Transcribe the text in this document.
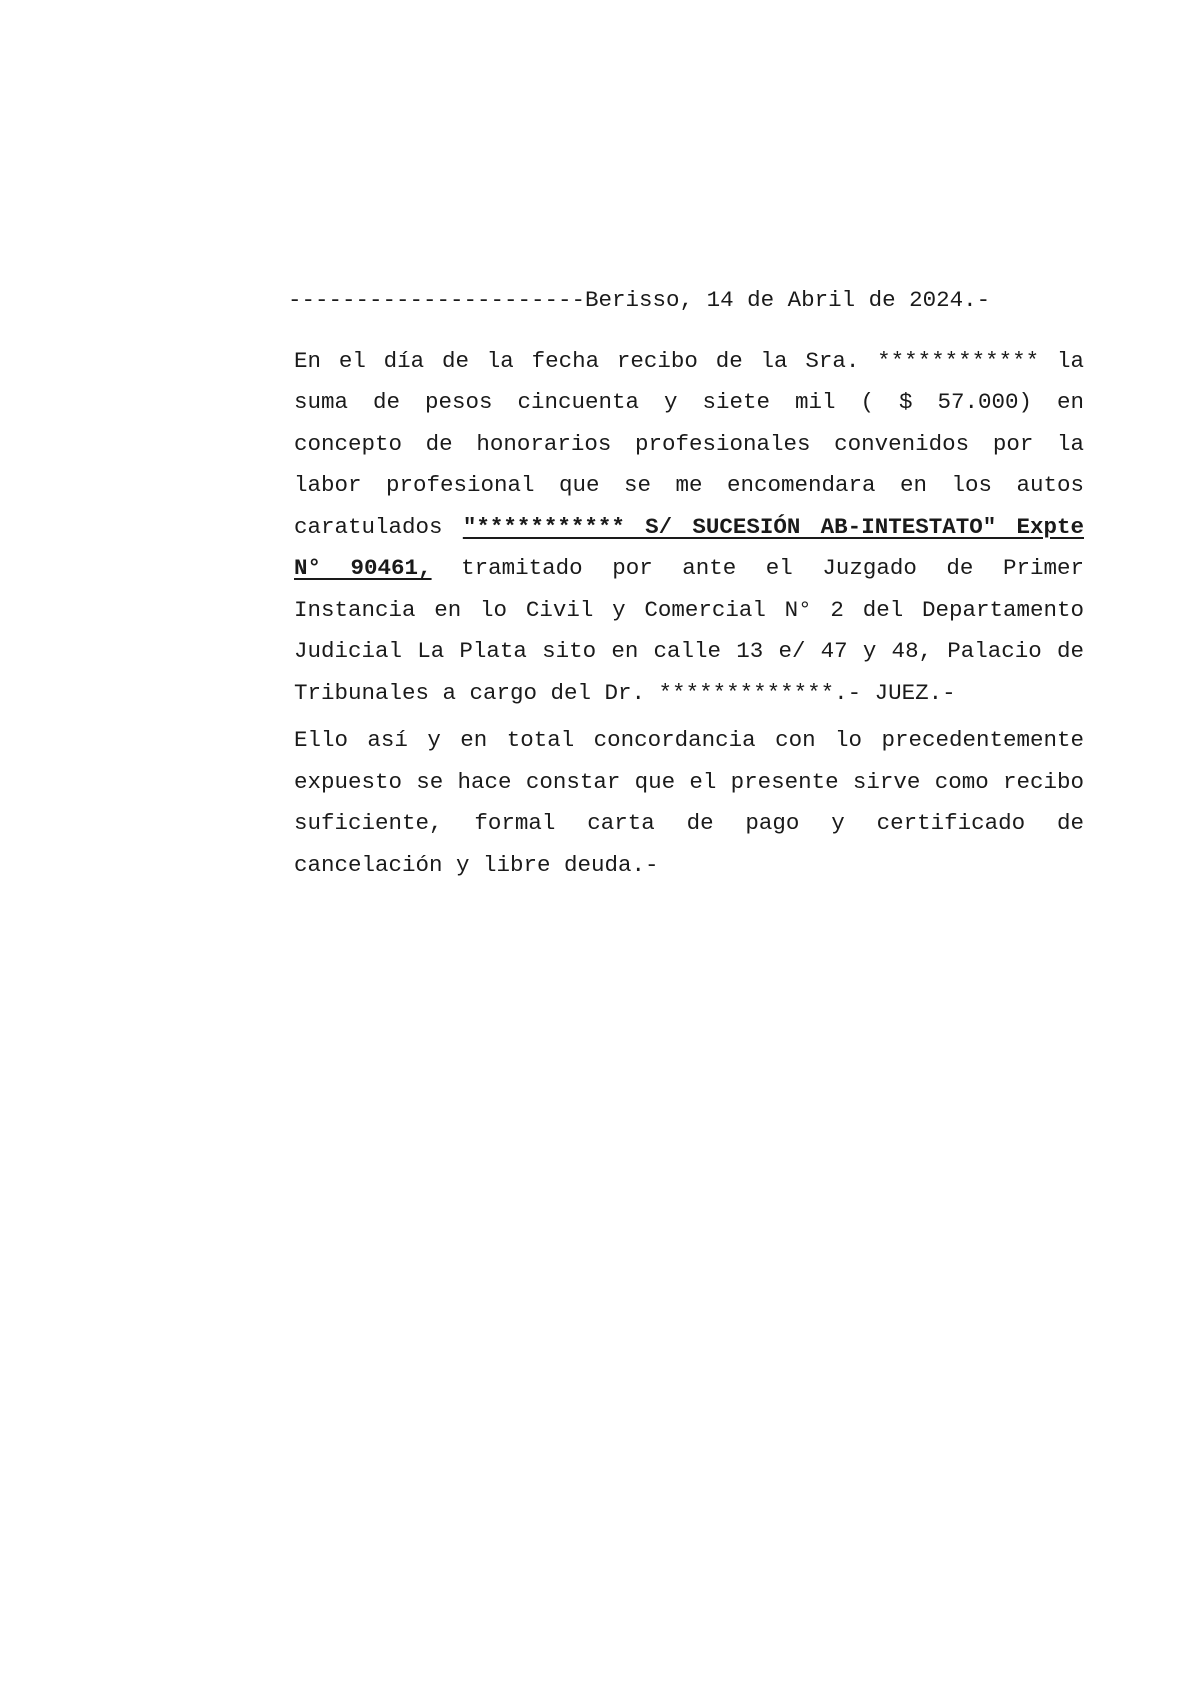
----------------------Berisso, 14 de Abril de 2024.-

En el día de la fecha recibo de la Sra. ************ la suma de pesos cincuenta y siete mil ( $ 57.000) en concepto de honorarios profesionales convenidos por la labor profesional que se me encomendara en los autos caratulados "*********** S/ SUCESIÓN AB-INTESTATO" Expte N° 90461, tramitado por ante el Juzgado de Primer Instancia en lo Civil y Comercial N° 2 del Departamento Judicial La Plata sito en calle 13 e/ 47 y 48, Palacio de Tribunales a cargo del Dr. *************.- JUEZ.-

Ello así y en total concordancia con lo precedentemente expuesto se hace constar que el presente sirve como recibo suficiente, formal carta de pago y certificado de cancelación y libre deuda.-
